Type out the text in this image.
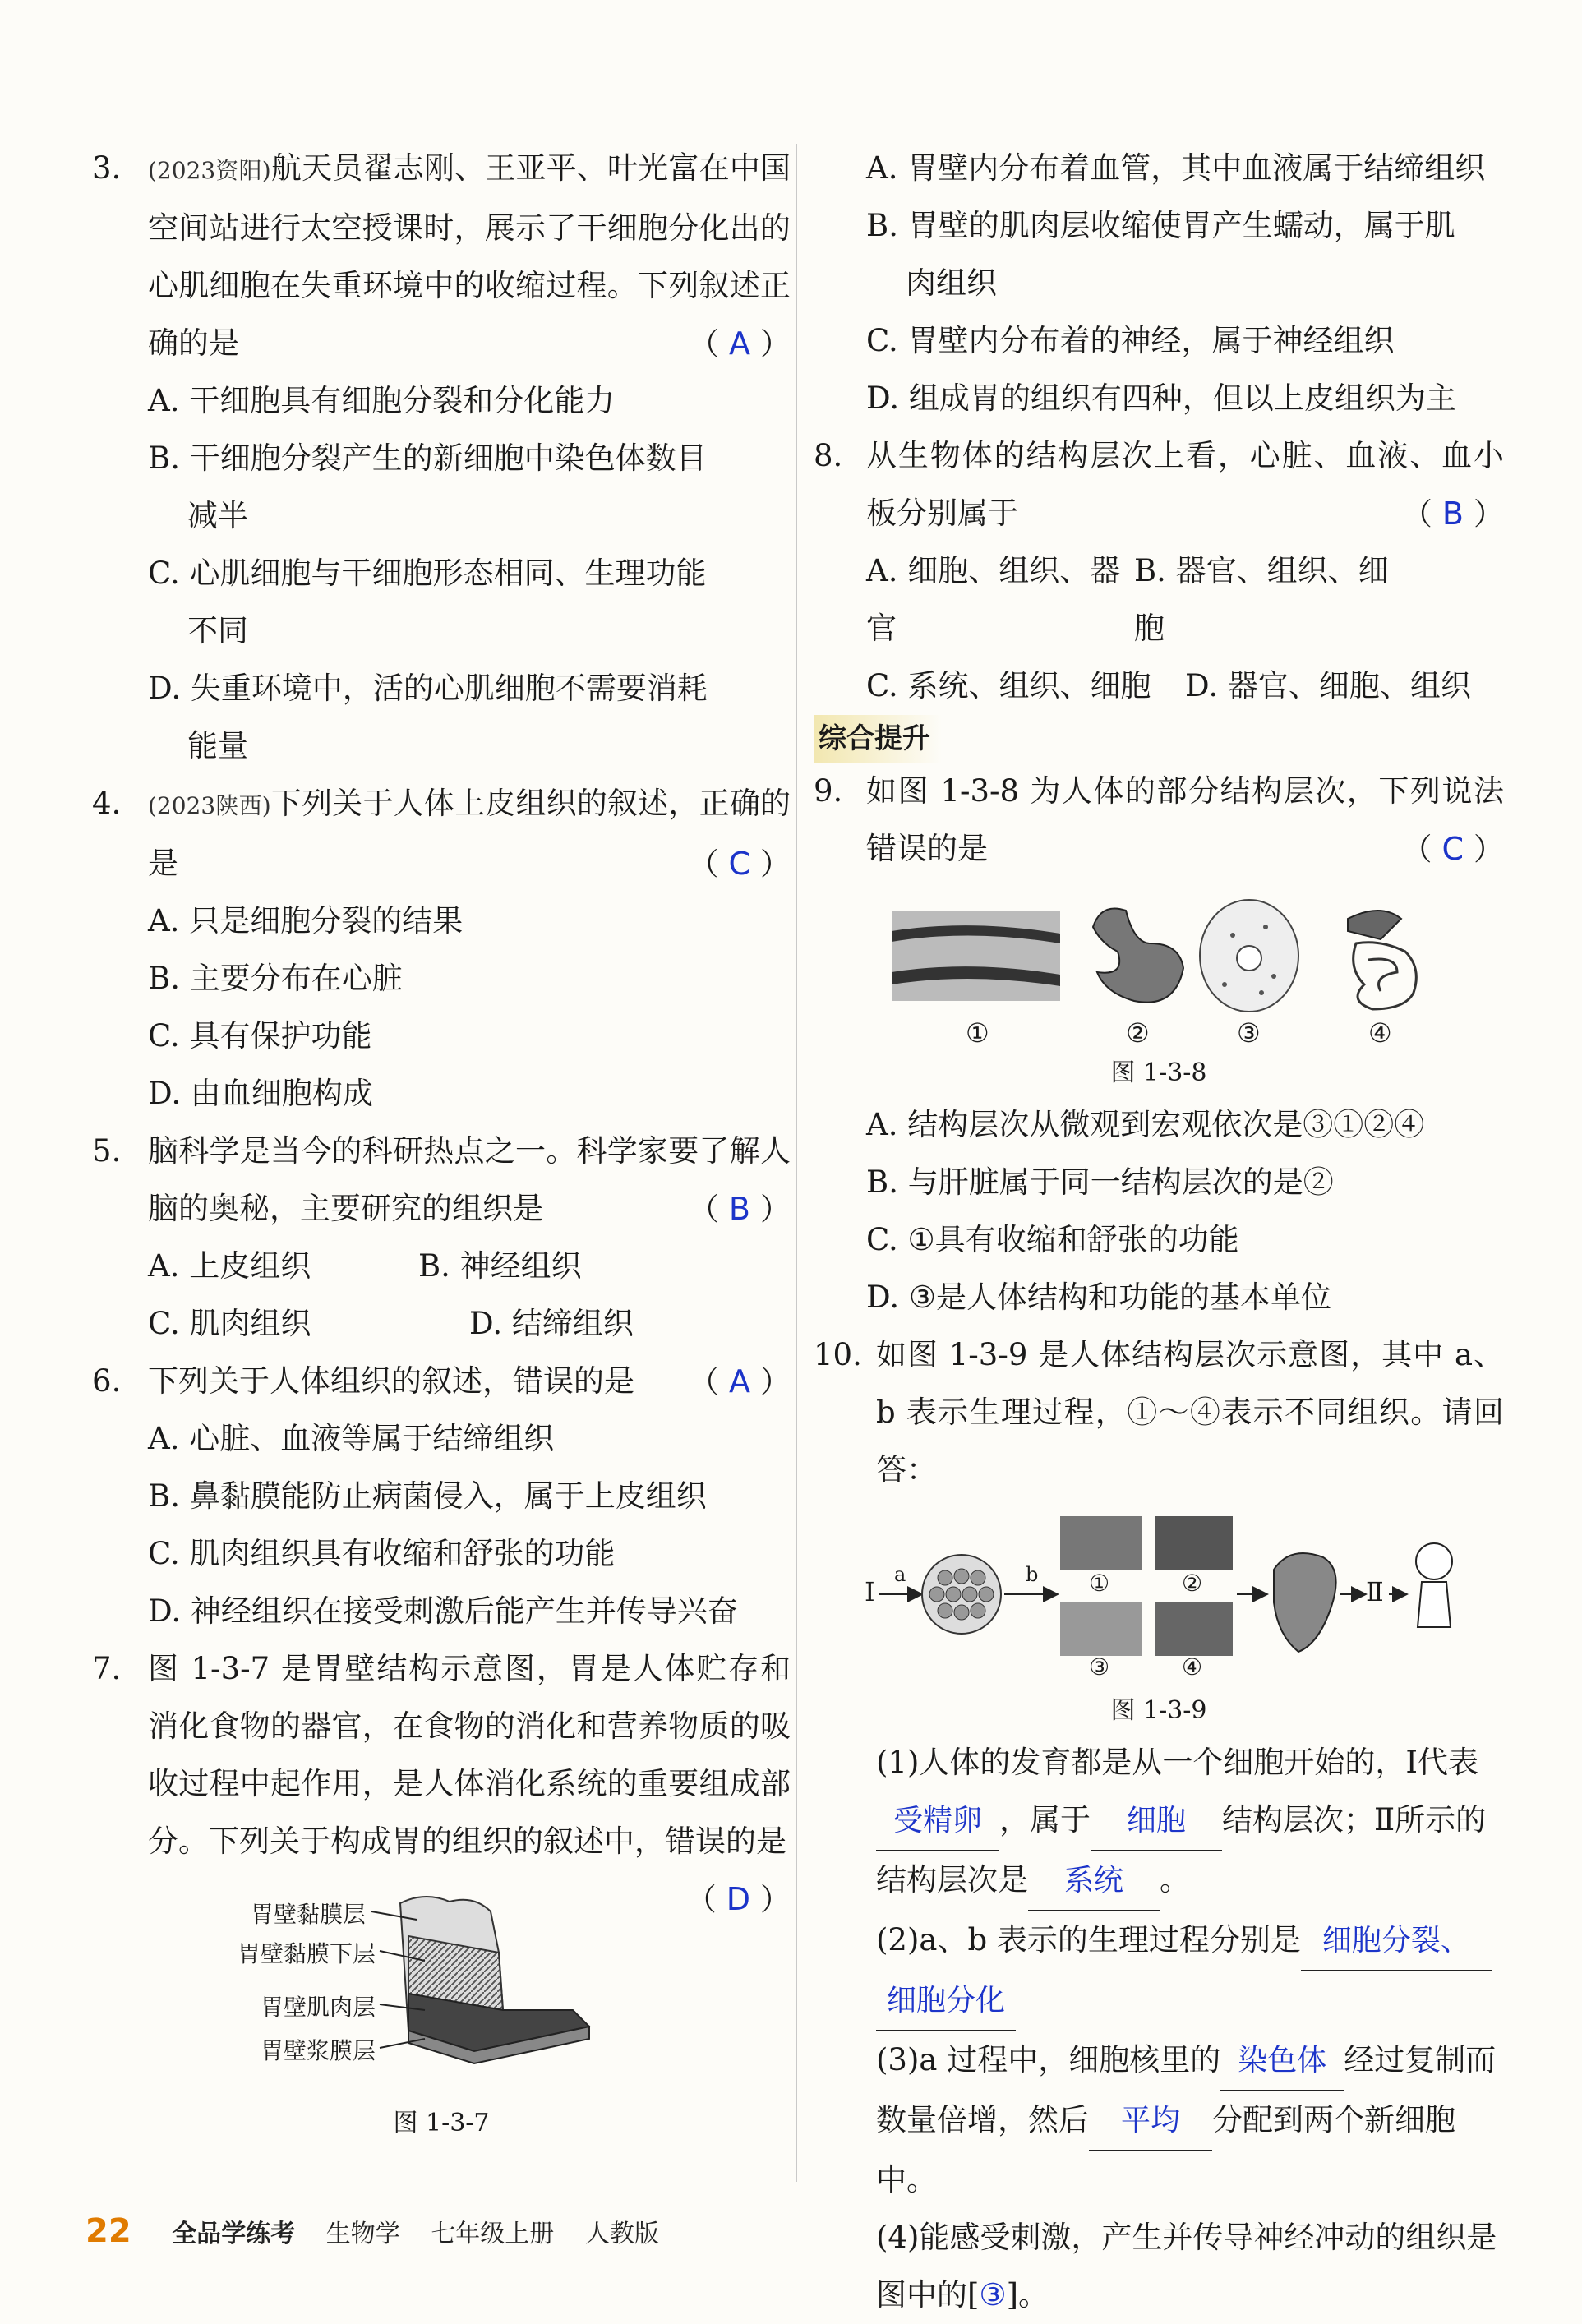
3. (2023资阳)航天员翟志刚、王亚平、叶光富在中国空间站进行太空授课时，展示了干细胞分化出的心肌细胞在失重环境中的收缩过程。下列叙述正确的是	（ A ）
A. 干细胞具有细胞分裂和分化能力
B. 干细胞分裂产生的新细胞中染色体数目
减半
C. 心肌细胞与干细胞形态相同、生理功能
不同
D. 失重环境中，活的心肌细胞不需要消耗
能量
4. (2023陕西)下列关于人体上皮组织的叙述，正确的是	（ C ）
A. 只是细胞分裂的结果
B. 主要分布在心脏
C. 具有保护功能
D. 由血细胞构成
5. 脑科学是当今的科研热点之一。科学家要了解人脑的奥秘，主要研究的组织是	（ B ）
A. 上皮组织	B. 神经组织
C. 肌肉组织	D. 结缔组织
6. 下列关于人体组织的叙述，错误的是 （ A ）
A. 心脏、血液等属于结缔组织
B. 鼻黏膜能防止病菌侵入，属于上皮组织
C. 肌肉组织具有收缩和舒张的功能
D. 神经组织在接受刺激后能产生并传导兴奋
7. 图 1-3-7 是胃壁结构示意图，胃是人体贮存和消化食物的器官，在食物的消化和营养物质的吸收过程中起作用，是人体消化系统的重要组成部分。下列关于构成胃的组织的叙述中，错误的是
（ D ）
胃壁黏膜层
胃壁黏膜下层
胃壁肌肉层
胃壁浆膜层
图 1-3-7
A. 胃壁内分布着血管，其中血液属于结缔组织
B. 胃壁的肌肉层收缩使胃产生蠕动，属于肌
肉组织
C. 胃壁内分布着的神经，属于神经组织
D. 组成胃的组织有四种，但以上皮组织为主
8. 从生物体的结构层次上看，心脏、血液、血小板分别属于	（ B ）
A. 细胞、组织、器官
B. 器官、组织、细胞
C. 系统、组织、细胞	D. 器官、细胞、组织
综合提升
9. 如图 1-3-8 为人体的部分结构层次，下列说法错误的是	（ C ）
①	②	③	④
图 1-3-8
A. 结构层次从微观到宏观依次是③①②④
B. 与肝脏属于同一结构层次的是②
C. ①具有收缩和舒张的功能
D. ③是人体结构和功能的基本单位
10. 如图 1-3-9 是人体结构层次示意图，其中 a、b 表示生理过程，①～④表示不同组织。请回答：
Ⅰ
a	b ①	②
③	④
Ⅱ
图 1-3-9
(1)人体的发育都是从一个细胞开始的，Ⅰ代表受精卵 ，属于 细胞 结构层次；Ⅱ所示的结构层次是 系统 。
(2)a、b 表示的生理过程分别是 细胞分裂、
细胞分化
(3)a 过程中，细胞核里的 染色体 经过复制而数量倍增，然后 平均 分配到两个新细胞中。
(4)能感受刺激，产生并传导神经冲动的组织是图中的[③]。
22 全品学练考 生物学 七年级上册 人教版
